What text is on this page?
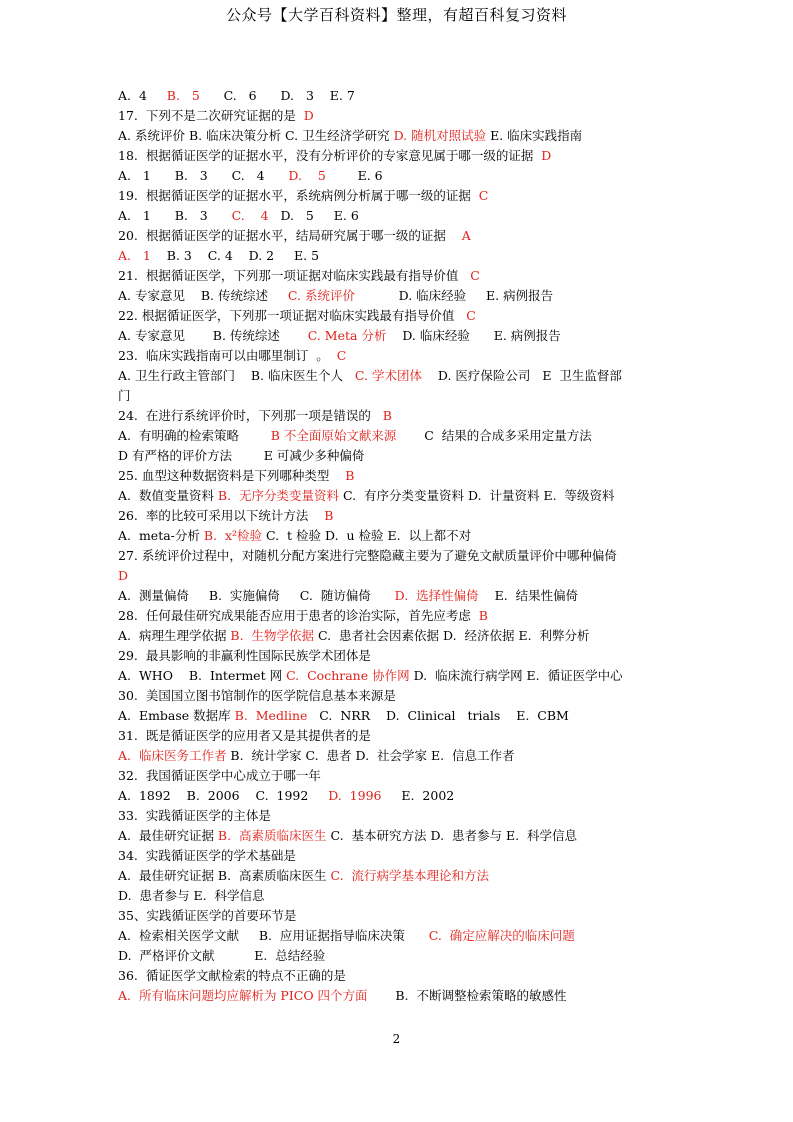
公众号【大学百科资料】整理，有超百科复习资料
A.  4     B.   5      C.   6      D.   3    E. 7
17.  下列不是二次研究证据的是  D
A. 系统评价 B. 临床决策分析 C. 卫生经济学研究 D. 随机对照试验 E. 临床实践指南
18.  根据循证医学的证据水平，没有分析评价的专家意见属于哪一级的证据  D
A.   1      B.   3      C.   4      D.    5        E. 6
19.  根据循证医学的证据水平，系统病例分析属于哪一级的证据  C
A.   1      B.   3      C.    4   D.   5     E. 6
20.  根据循证医学的证据水平，结局研究属于哪一级的证据    A
A.   1    B. 3    C. 4    D. 2     E. 5
21.  根据循证医学，下列那一项证据对临床实践最有指导价值   C
A. 专家意见    B. 传统综述     C. 系统评价           D. 临床经验     E. 病例报告
22. 根据循证医学，下列那一项证据对临床实践最有指导价值   C
A. 专家意见       B. 传统综述       C. Meta 分析    D. 临床经验      E. 病例报告
23.  临床实践指南可以由哪里制订  。  C
A. 卫生行政主管部门    B. 临床医生个人   C. 学术团体    D. 医疗保险公司   E  卫生监督部
门
24.  在进行系统评价时，下列那一项是错误的   B
A.  有明确的检索策略        B 不全面原始文献来源       C  结果的合成多采用定量方法
D 有严格的评价方法        E 可减少多种偏倚
25. 血型这种数据资料是下列哪种类型    B
A.  数值变量资料 B.  无序分类变量资料 C.  有序分类变量资料 D.  计量资料 E.  等级资料
26.  率的比较可采用以下统计方法    B
A.  meta-分析 B.  x²检验 C.  t 检验 D.  u 检验 E.  以上都不对
27. 系统评价过程中，对随机分配方案进行完整隐藏主要为了避免文献质量评价中哪种偏倚
D
A.  测量偏倚     B.  实施偏倚     C.  随访偏倚      D.  选择性偏倚    E.  结果性偏倚
28.  任何最佳研究成果能否应用于患者的诊治实际，首先应考虑  B
A.  病理生理学依据 B.  生物学依据 C.  患者社会因素依据 D.  经济依据 E.  利弊分析
29.  最具影响的非赢利性国际民族学术团体是
A.  WHO    B.  Intermet 网 C.  Cochrane 协作网 D.  临床流行病学网 E.  循证医学中心
30.  美国国立图书馆制作的医学院信息基本来源是
A.  Embase 数据库 B.  Medline   C.  NRR    D.  Clinical   trials    E.  CBM
31.  既是循证医学的应用者又是其提供者的是
A.  临床医务工作者 B.  统计学家 C.  患者 D.  社会学家 E.  信息工作者
32.  我国循证医学中心成立于哪一年
A.  1892    B.  2006    C.  1992     D.  1996     E.  2002
33.  实践循证医学的主体是
A.  最佳研究证据 B.  高素质临床医生 C.  基本研究方法 D.  患者参与 E.  科学信息
34.  实践循证医学的学术基础是
A.  最佳研究证据 B.  高素质临床医生 C.  流行病学基本理论和方法
D.  患者参与 E.  科学信息
35、实践循证医学的首要环节是
A.  检索相关医学文献     B.  应用证据指导临床决策      C.  确定应解决的临床问题
D.  严格评价文献          E.  总结经验
36.  循证医学文献检索的特点不正确的是
A.  所有临床问题均应解析为 PICO 四个方面       B.  不断调整检索策略的敏感性
2
